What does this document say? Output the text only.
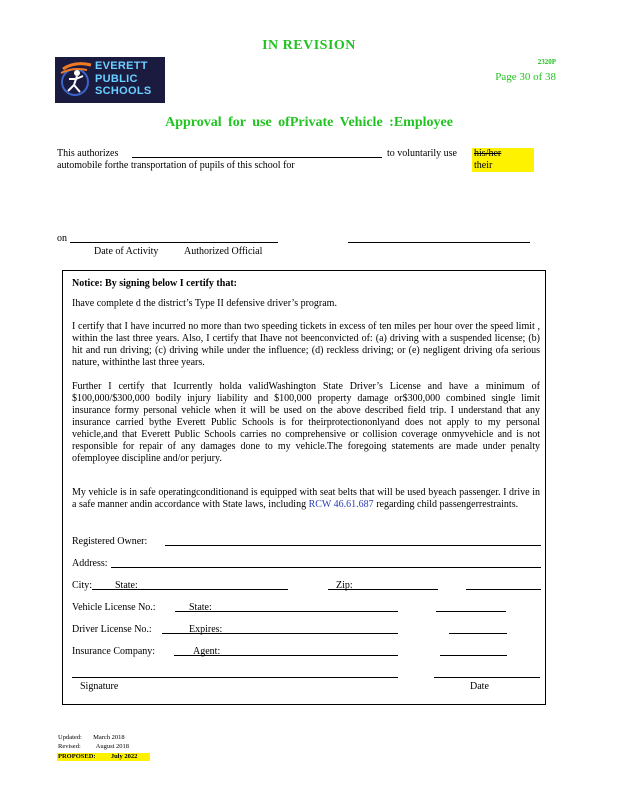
IN REVISION
2320P
Page 30 of 38
EVERETT
PUBLIC
SCHOOLS
Approval for use ofPrivate Vehicle :Employee
This authorizes	to voluntarily use his/her  their
automobile forthe transportation of pupils of this school for
on
Date of Activity	Authorized Official
Notice: By signing below I certify that:
Ihave complete d the district’s Type II defensive driver’s program.
I certify that I have incurred no more than two speeding tickets in excess of ten miles per hour over the speed limit , within the last three years. Also, I certify that Ihave not beenconvicted of: (a) driving with a suspended license; (b) hit and run driving; (c) driving while under the influence; (d) reckless driving; or (e) negligent driving ofa serious nature, withinthe last three years.
Further I certify that Icurrently holda validWashington State Driver’s License and have a minimum of $100,000/$300,000 bodily injury liability and $100,000 property damage or$300,000 combined single limit insurance formy personal vehicle when it will be used on the above described field trip. I understand that any insurance carried bythe Everett Public Schools is for theirprotectiononlyand does not apply to my personal vehicle,and that Everett Public Schools carries no comprehensive or collision coverage onmyvehicle and is not responsible for repair of any damages done to my vehicle.The foregoing statements are made under penalty ofemployee discipline and/or perjury.
My vehicle is in safe operatingconditionand is equipped with seat belts that will be used byeach passenger. I drive in a safe manner andin accordance with State laws, including RCW 46.61.687 regarding child passengerrestraints.
Registered Owner:
Address:
City: State:	Zip:
Vehicle License No.:	State:
Driver License No.:	Expires:
Insurance Company:	Agent:
Signature	Date
Updated: March 2018
Revised: August 2018
PROPOSED: July 2022
